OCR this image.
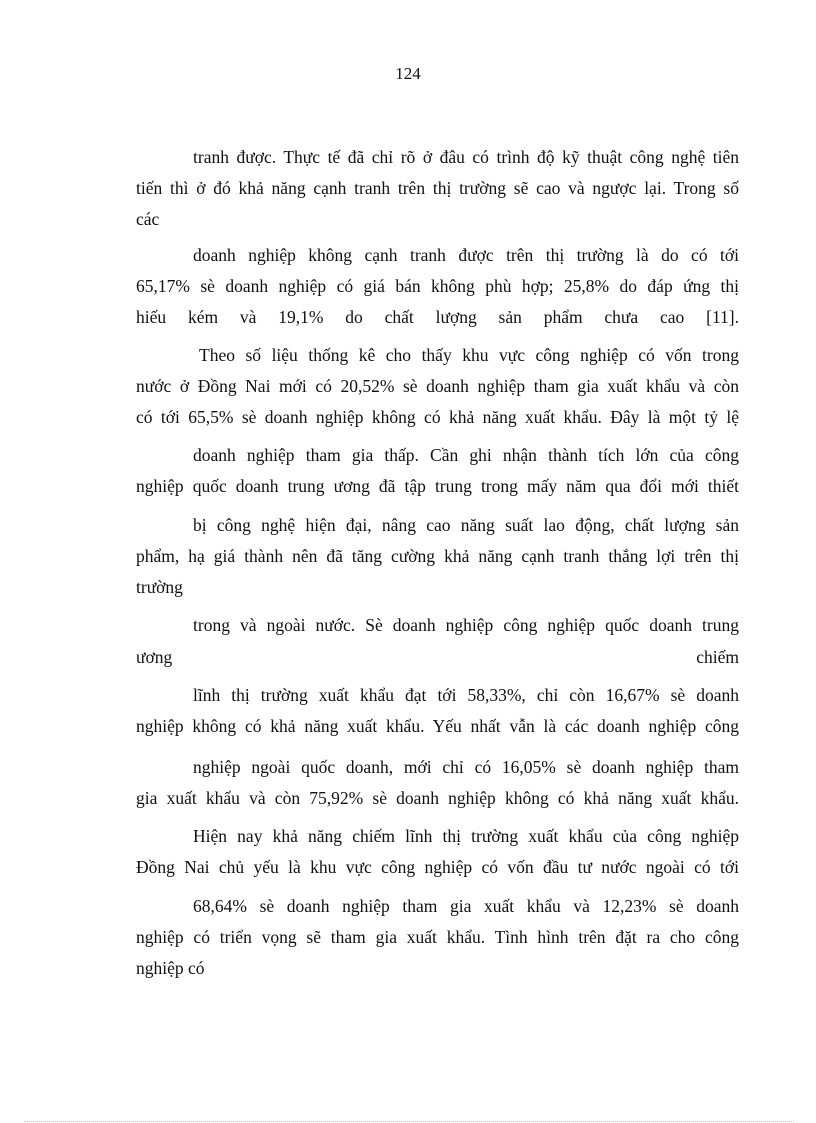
124
tranh được. Thực tế đã chỉ rõ ở đâu có trình độ kỹ thuật công nghệ tiên
tiến thì ở đó khả năng cạnh tranh trên thị trường sẽ cao và ngược lại. Trong số
các
doanh nghiệp không cạnh tranh được trên thị trường là do có tới
65,17% sè doanh nghiệp có giá bán không phù hợp; 25,8% do đáp ứng thị
hiếu kém và 19,1% do chất lượng sản phẩm chưa cao [11].
Theo số liệu thống kê cho thấy khu vực công nghiệp có vốn trong
nước ở Đồng Nai mới có 20,52% sè doanh nghiệp tham gia xuất khẩu và còn
có tới 65,5% sè doanh nghiệp không có khả năng xuất khẩu. Đây là một tỷ lệ
doanh nghiệp tham gia thấp. Cần ghi nhận thành tích lớn của công
nghiệp quốc doanh trung ương đã tập trung trong mấy năm qua đổi mới thiết
bị công nghệ hiện đại, nâng cao năng suất lao động, chất lượng sản
phẩm, hạ giá thành nên đã tăng cường khả năng cạnh tranh thắng lợi trên thị
trường
trong và ngoài nước. Sè doanh nghiệp công nghiệp quốc doanh trung
ương	chiếm
lĩnh thị trường xuất khẩu đạt tới 58,33%, chỉ còn 16,67% sè doanh
nghiệp không có khả năng xuất khẩu. Yếu nhất vẫn là các doanh nghiệp công
nghiệp ngoài quốc doanh, mới chỉ có 16,05% sè doanh nghiệp tham
gia xuất khẩu và còn 75,92% sè doanh nghiệp không có khả năng xuất khẩu.
Hiện nay khả năng chiếm lĩnh thị trường xuất khẩu của công nghiệp
Đồng Nai chủ yếu là khu vực công nghiệp có vốn đầu tư nước ngoài có tới
68,64% sè doanh nghiệp tham gia xuất khẩu và 12,23% sè doanh
nghiệp có triển vọng sẽ tham gia xuất khẩu. Tình hình trên đặt ra cho công
nghiệp có
